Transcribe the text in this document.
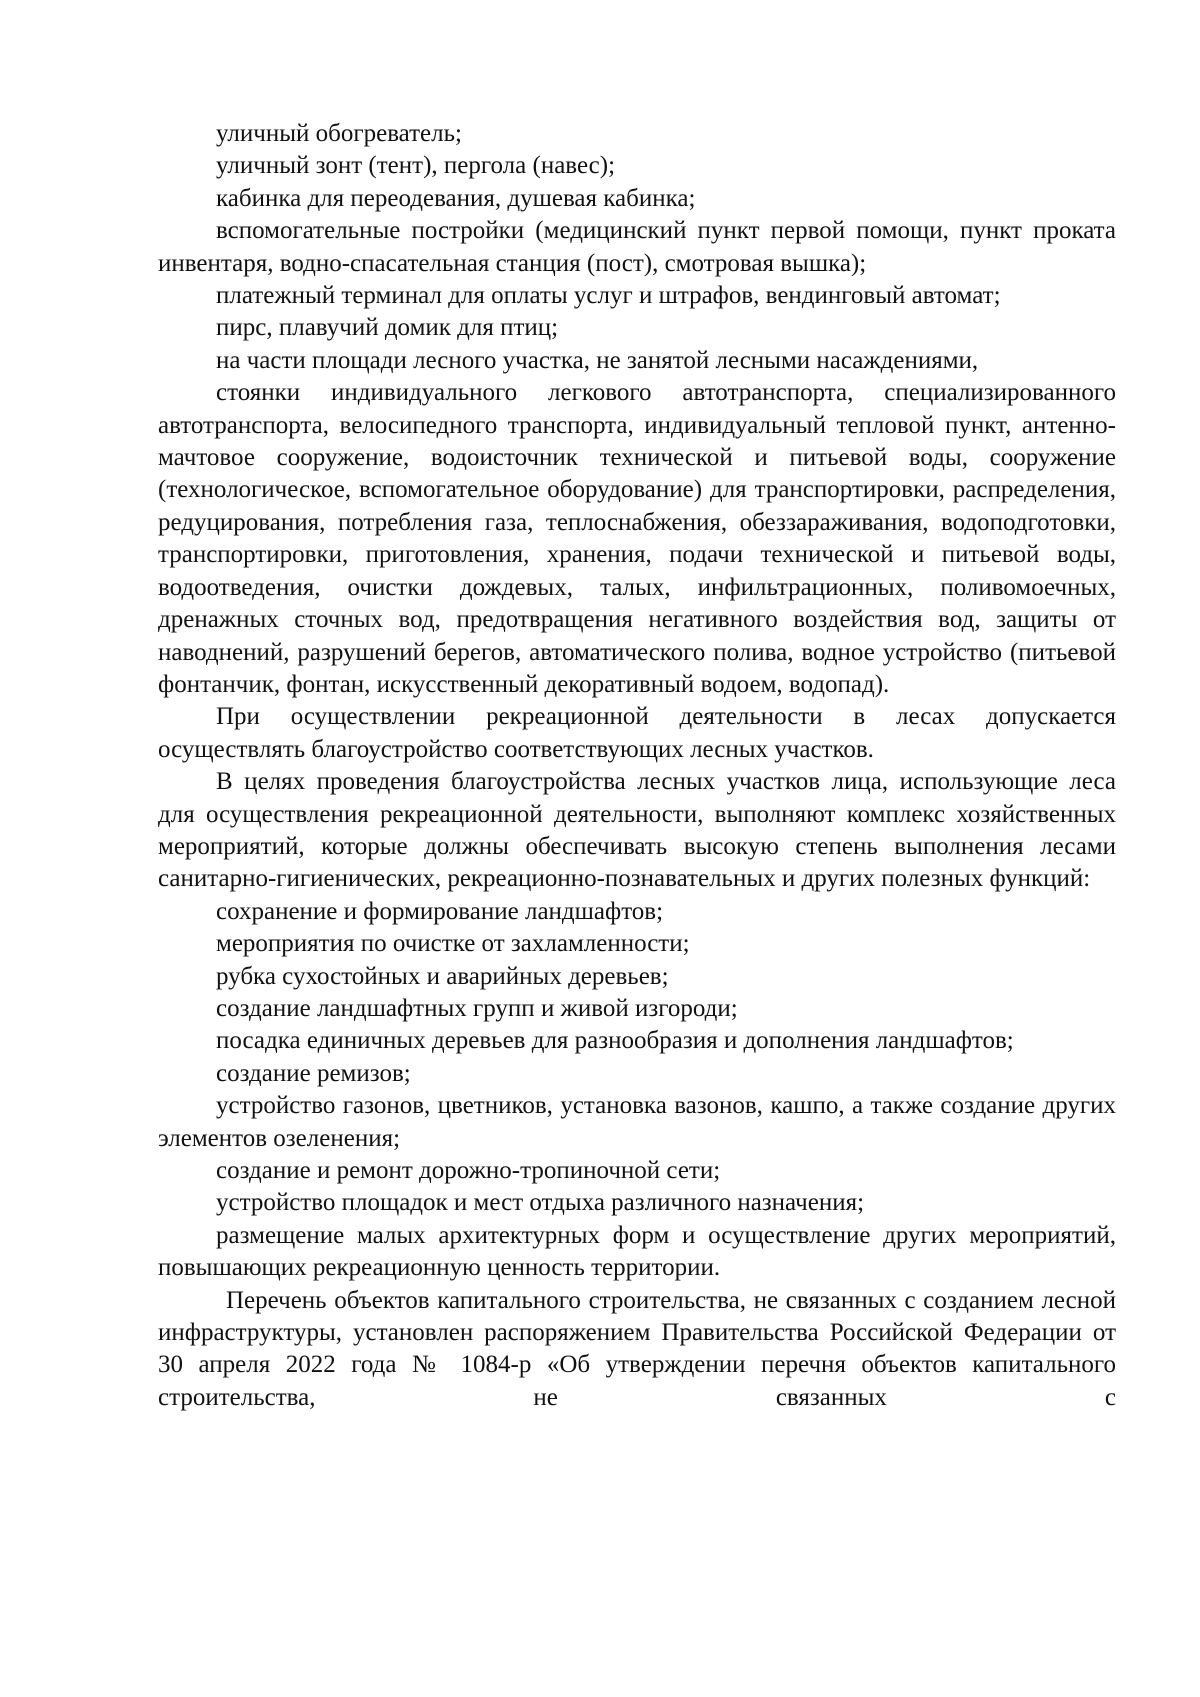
уличный обогреватель;

уличный зонт (тент), пергола (навес);

кабинка для переодевания, душевая кабинка;

вспомогательные постройки (медицинский пункт первой помощи, пункт проката инвентаря, водно-спасательная станция (пост), смотровая вышка);

платежный терминал для оплаты услуг и штрафов, вендинговый автомат;

пирс, плавучий домик для птиц;

на части площади лесного участка, не занятой лесными насаждениями,

стоянки индивидуального легкового автотранспорта, специализированного автотранспорта, велосипедного транспорта, индивидуальный тепловой пункт, антенно-мачтовое сооружение, водоисточник технической и питьевой воды, сооружение (технологическое, вспомогательное оборудование) для транспортировки, распределения, редуцирования, потребления газа, теплоснабжения, обеззараживания, водоподготовки, транспортировки, приготовления, хранения, подачи технической и питьевой воды, водоотведения, очистки дождевых, талых, инфильтрационных, поливомоечных, дренажных сточных вод, предотвращения негативного воздействия вод, защиты от наводнений, разрушений берегов, автоматического полива, водное устройство (питьевой фонтанчик, фонтан, искусственный декоративный водоем, водопад).

При осуществлении рекреационной деятельности в лесах допускается осуществлять благоустройство соответствующих лесных участков.

В целях проведения благоустройства лесных участков лица, использующие леса для осуществления рекреационной деятельности, выполняют комплекс хозяйственных мероприятий, которые должны обеспечивать высокую степень выполнения лесами санитарно-гигиенических, рекреационно-познавательных и других полезных функций:

сохранение и формирование ландшафтов;

мероприятия по очистке от захламленности;

рубка сухостойных и аварийных деревьев;

создание ландшафтных групп и живой изгороди;

посадка единичных деревьев для разнообразия и дополнения ландшафтов;

создание ремизов;

устройство газонов, цветников, установка вазонов, кашпо, а также создание других элементов озеленения;

создание и ремонт дорожно-тропиночной сети;

устройство площадок и мест отдыха различного назначения;

размещение малых архитектурных форм и осуществление других мероприятий, повышающих рекреационную ценность территории.

Перечень объектов капитального строительства, не связанных с созданием лесной инфраструктуры, установлен распоряжением Правительства Российской Федерации от 30 апреля 2022 года № 1084-р «Об утверждении перечня объектов капитального строительства, не связанных с
